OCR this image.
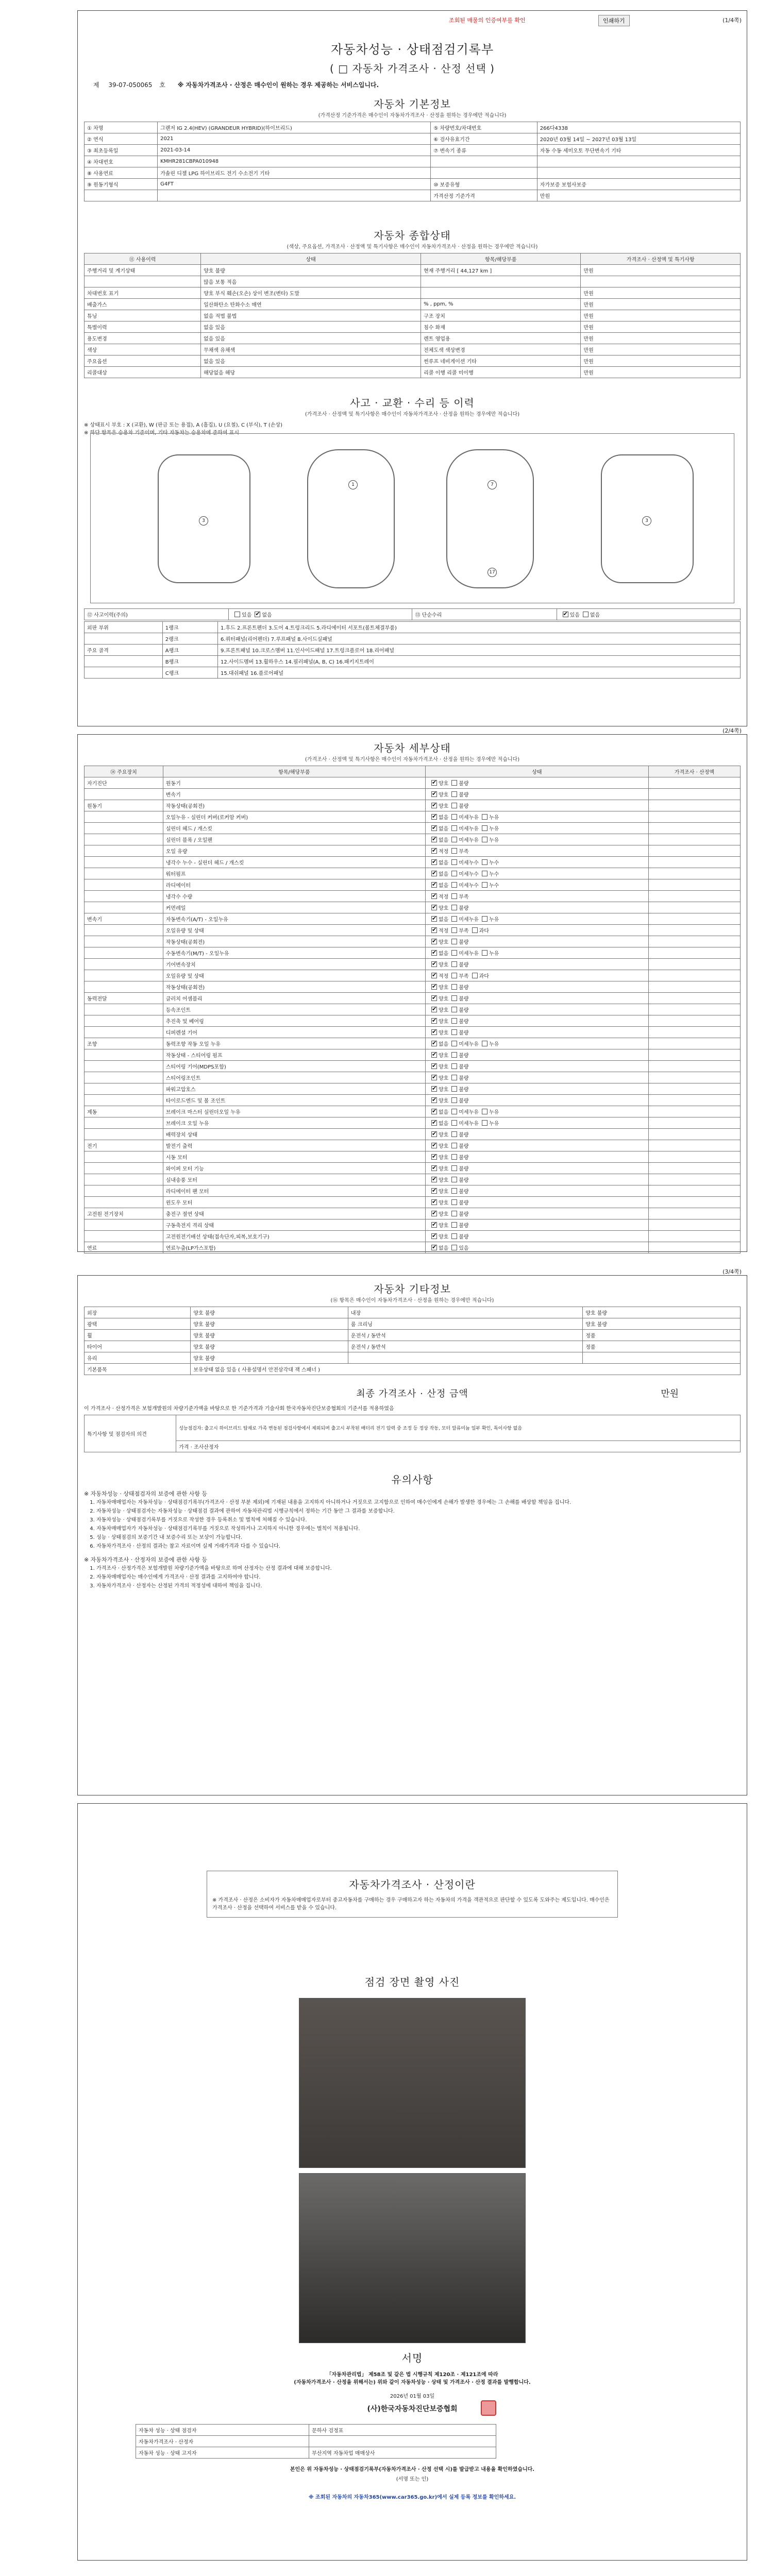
조회된 매물의 인증여부를 확인	인쇄하기	(1/4쪽)
자동차성능 · 상태점검기록부
( □ 자동차 가격조사 · 산정 선택 )
제 39-07-050065 호 ※ 자동차가격조사 · 산정은 매수인이 원하는 경우 제공하는 서비스입니다.
자동차 기본정보
(가격산정 기준가격은 매수인이 자동차가격조사 · 산정을 원하는 경우에만 적습니다)
① 차명	그랜저 IG 2.4(HEV) (GRANDEUR HYBRID)(하이브리드)	⑤ 차량번호/차대번호	266다4338
② 연식	2021	⑥ 검사유효기간	2020년 03월 14일 ~ 2027년 03월 13일
③ 최초등록일	2021-03-14	⑦ 변속기 종류	자동 수동 세미오토 무단변속기 기타
④ 차대번호	KMHR281CBPA010948		
⑧ 사용연료	가솔린 디젤 LPG 하이브리드 전기 수소전기 기타		
⑨ 원동기형식	G4FT	⑩ 보증유형	자가보증 보험사보증
		가격산정 기준가격	만원
자동차 종합상태
(색상, 주요옵션, 가격조사 · 산정액 및 특기사항은 매수인이 자동차가격조사 · 산정을 원하는 경우에만 적습니다)
⑪ 사용이력	상태	항목/해당부품	가격조사 · 산정액 및 특기사항
주행거리 및 계기상태	양호 불량	현재 주행거리 [ 44,127 km ]	만원
	많음 보통 적음		
차대번호 표기	양호 부식 훼손(오손) 상이 변조(변타) 도말		만원
배출가스	일산화탄소 탄화수소 매연	% , ppm, %	만원
튜닝	없음 적법 불법	구조 장치	만원
특별이력	없음 있음	침수 화재	만원
용도변경	없음 있음	렌트 영업용	만원
색상	무채색 유채색	전체도색 색상변경	만원
주요옵션	없음 있음	썬루프 네비게이션 기타	만원
리콜대상	해당없음 해당	리콜 이행 리콜 미이행	만원
사고 · 교환 · 수리 등 이력
(가격조사 · 산정액 및 특기사항은 매수인이 자동차가격조사 · 산정을 원하는 경우에만 적습니다)
※ 상태표시 부호 : X (교환), W (판금 또는 용접), A (흠집), U (요철), C (부식), T (손상)
※ 하단 항목은 승용차 기준이며, 기타 자동차는 승용차에 준하여 표시
1	7
17
3	3
⑫ 사고이력(주의)	있음 ✔ 없음	⑬ 단순수리	✔있음 없음
외판 부위	1랭크	1.후드 2.프론트펜더 3.도어 4.트렁크리드 5.라디에이터 서포트(볼트체결부품)
	2랭크	6.쿼터패널(리어펜더) 7.루프패널 8.사이드실패널
주요 골격	A랭크	9.프론트패널 10.크로스멤버 11.인사이드패널 17.트렁크플로어 18.리어패널
	B랭크	12.사이드멤버 13.휠하우스 14.필러패널(A, B, C) 16.패키지트레이
	C랭크	15.대쉬패널 16.플로어패널
(2/4쪽)
자동차 세부상태
(가격조사 · 산정액 및 특기사항은 매수인이 자동차가격조사 · 산정을 원하는 경우에만 적습니다)
⑭ 주요장치	항목/해당부품	상태	가격조사 · 산정액
자기진단	원동기	✔양호 불량	
	변속기	✔양호 불량	
원동기	작동상태(공회전)	✔양호 불량	
	오일누유 - 실린더 커버(로커암 커버)	✔없음 미세누유 누유	
	실린더 헤드 / 개스킷	✔없음 미세누유 누유	
	실린더 블록 / 오일팬	✔없음 미세누유 누유	
	오일 유량	✔적정 부족	
	냉각수 누수 - 실린더 헤드 / 개스킷	✔없음 미세누수 누수	
	워터펌프	✔없음 미세누수 누수	
	라디에이터	✔없음 미세누수 누수	
	냉각수 수량	✔적정 부족	
	커먼레일	✔양호 불량	
변속기	자동변속기(A/T) - 오일누유	✔없음 미세누유 누유	
	오일유량 및 상태	✔적정 부족 과다	
	작동상태(공회전)	✔양호 불량	
	수동변속기(M/T) - 오일누유	✔없음 미세누유 누유	
	기어변속장치	✔양호 불량	
	오일유량 및 상태	✔적정 부족 과다	
	작동상태(공회전)	✔양호 불량	
동력전달	클러치 어셈블리	✔양호 불량	
	등속조인트	✔양호 불량	
	추진축 및 베어링	✔양호 불량	
	디퍼렌셜 기어	✔양호 불량	
조향	동력조향 작동 오일 누유	✔없음 미세누유 누유	
	작동상태 - 스티어링 펌프	✔양호 불량	
	스티어링 기어(MDPS포함)	✔양호 불량	
	스티어링조인트	✔양호 불량	
	파워고압호스	✔양호 불량	
	타이로드엔드 및 볼 조인트	✔양호 불량	
제동	브레이크 마스터 실린더오일 누유	✔없음 미세누유 누유	
	브레이크 오일 누유	✔없음 미세누유 누유	
	배력장치 상태	✔양호 불량	
전기	발전기 출력	✔양호 불량	
	시동 모터	✔양호 불량	
	와이퍼 모터 기능	✔양호 불량	
	실내송풍 모터	✔양호 불량	
	라디에이터 팬 모터	✔양호 불량	
	윈도우 모터	✔양호 불량	
고전원 전기장치	충전구 절연 상태	✔양호 불량	
	구동축전지 격리 상태	✔양호 불량	
	고전원전기배선 상태(접속단자,피복,보호기구)	✔양호 불량	
연료	연료누출(LP가스포함)	✔없음 있음	
(3/4쪽)
자동차 기타정보
(⑯ 항목은 매수인이 자동차가격조사 · 산정을 원하는 경우에만 적습니다)
외장	양호 불량	내장	양호 불량
광택	양호 불량	룸 크리닝	양호 불량
휠	양호 불량	운전석 / 동반석	정품
타이어	양호 불량	운전석 / 동반석	정품
유리	양호 불량		
기본품목	보유상태 없음 있음 ( 사용설명서 안전삼각대 잭 스패너 )		
최종 가격조사 · 산정 금액	만원
이 가격조사 · 산정가격은 보험개발원의 차량기준가액을 바탕으로 한 기준가격과 기술사회 한국자동차진단보증협회의 기준서를 적용하였음
특기사항 및 점검자의 의견	성능점검자: 출고시 하이브리드 탑재로 가족 변동된 점검사항에서 제외되며 출고시 부착된 배터리 전기 압력 중 조정 등 정상 작동, 모터 알류미늄 일부 확인, 특이사항 없음
가격 · 조사산정자
유의사항
※ 자동차성능 · 상태점검자의 보증에 관한 사항 등
1. 자동차매매업자는 자동차성능 · 상태점검기록부(가격조사 · 산정 부분 제외)에 기재된 내용을 고지하지 아니하거나 거짓으로 고지함으로 인하여 매수인에게 손해가 발생한 경우에는 그 손해를 배상할 책임을 집니다.
2. 자동차성능 · 상태점검자는 자동차성능 · 상태점검 결과에 관하여 자동차관리법 시행규칙에서 정하는 기간 동안 그 결과를 보증합니다.
3. 자동차성능 · 상태점검기록부를 거짓으로 작성한 경우 등록취소 및 벌칙에 처해질 수 있습니다.
4. 자동차매매업자가 자동차성능 · 상태점검기록부를 거짓으로 작성하거나 고지하지 아니한 경우에는 벌칙이 적용됩니다.
5. 성능 · 상태점검의 보증기간 내 보증수리 또는 보상이 가능합니다.
6. 자동차가격조사 · 산정의 결과는 참고 자료이며 실제 거래가격과 다를 수 있습니다.
※ 자동차가격조사 · 산정자의 보증에 관한 사항 등
1. 가격조사 · 산정가격은 보험개발원 차량기준가액을 바탕으로 하며 산정자는 산정 결과에 대해 보증합니다.
2. 자동차매매업자는 매수인에게 가격조사 · 산정 결과를 고지하여야 합니다.
3. 자동차가격조사 · 산정자는 산정된 가격의 적정성에 대하여 책임을 집니다.
자동차가격조사 · 산정이란
※ 가격조사 · 산정은 소비자가 자동차매매업자로부터 중고자동차를 구매하는 경우 구매하고자 하는 자동차의 가격을 객관적으로 판단할 수 있도록 도와주는 제도입니다. 매수인은 가격조사 · 산정을 선택하여 서비스를 받을 수 있습니다.
점검 장면 촬영 사진
서명
「자동차관리법」 제58조 및 같은 법 시행규칙 제120조 · 제121조에 따라
(자동차가격조사 · 산정을 위해서는) 위와 같이 자동차성능 · 상태 및 가격조사 · 산정 결과를 발행합니다.
2026년 01월 03일
(사)한국자동차진단보증협회
자동차 성능 · 상태 점검자	문하사 검정표
자동차가격조사 · 산정자	
자동차 성능 · 상태 고지자	부산지역 자동차업 매매상사
본인은 위 자동차성능 · 상태점검기록부(자동차가격조사 · 산정 선택 시)를 발급받고 내용을 확인하였습니다.
(서명 또는 인)
※ 조회된 자동차의 자동차365(www.car365.go.kr)에서 실제 등록 정보를 확인하세요.
